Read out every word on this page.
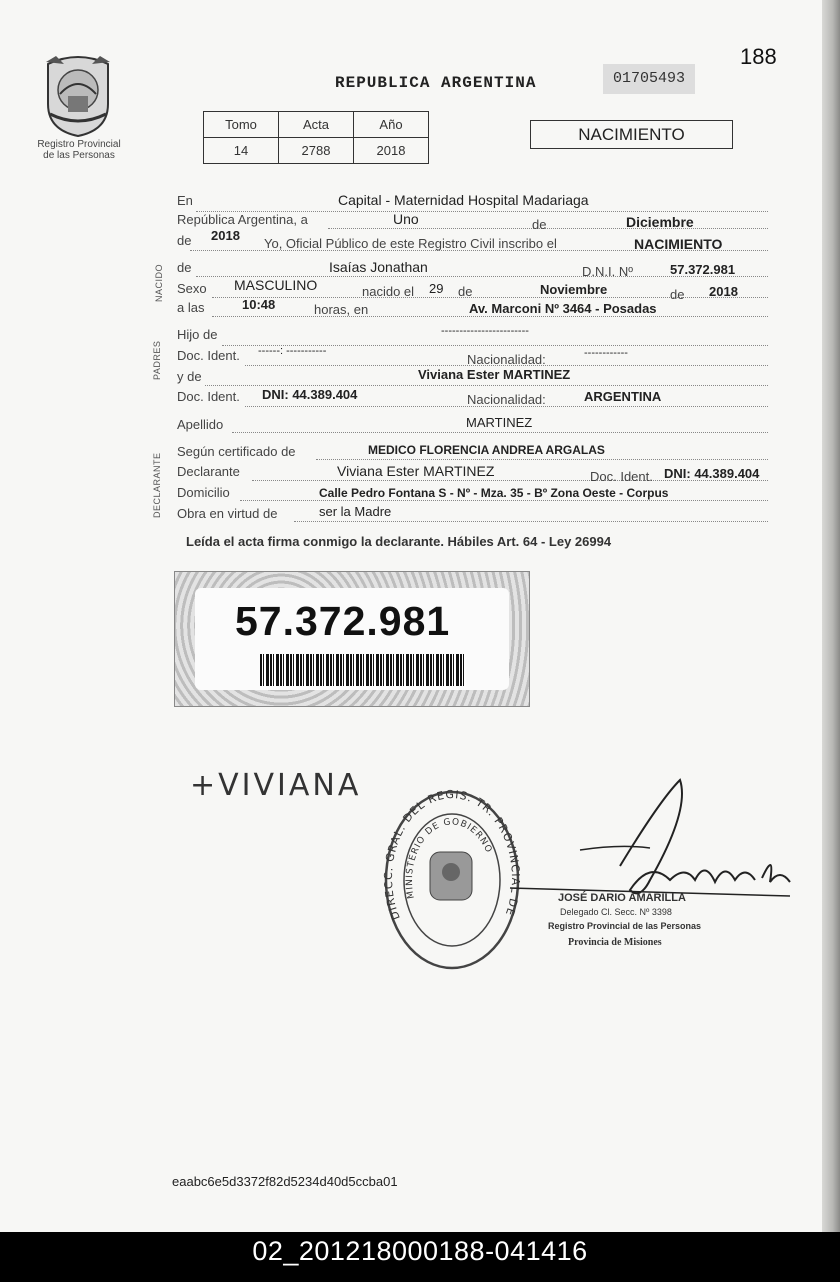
188
Registro Provincial
de las Personas
REPUBLICA ARGENTINA	01705493
Tomo	Acta	Año
14	2788	2018
NACIMIENTO
NACIDO
PADRES
DECLARANTE
En	Capital - Maternidad Hospital Madariaga
República Argentina, a	Uno	de	Diciembre
de 2018
Yo, Oficial Público de este Registro Civil inscribo el	NACIMIENTO
de	Isaías Jonathan	D.N.I. Nº	57.372.981
Sexo MASCULINO	nacido el 29 de	Noviembre	de 2018
a las	10:48	horas, en	Av. Marconi Nº 3464 - Posadas
Hijo de	------------------------
Doc. Ident. ------: -----------
Nacionalidad:	------------
y de	Viviana Ester MARTINEZ
Doc. Ident. DNI: 44.389.404	Nacionalidad:	ARGENTINA
Apellido	MARTINEZ
Según certificado de	MEDICO FLORENCIA ANDREA ARGALAS
Declarante	Viviana Ester MARTINEZ	Doc. Ident. DNI: 44.389.404
Domicilio	Calle Pedro Fontana S - Nº - Mza. 35 - Bº Zona Oeste - Corpus
Obra en virtud de	ser la Madre
Leída el acta firma conmigo la declarante. Hábiles Art. 64 - Ley 26994
57.372.981
+VIVIANA
DIRECC. GRAL. DEL REGIS. TR. PROVINCIAL DE
MINISTERIO DE GOBIERNO
JOSÉ DARIO AMARILLA
Delegado Cl. Secc. Nº 3398
Registro Provincial de las Personas
Provincia de Misiones
eaabc6e5d3372f82d5234d40d5ccba01
02_201218000188-041416
